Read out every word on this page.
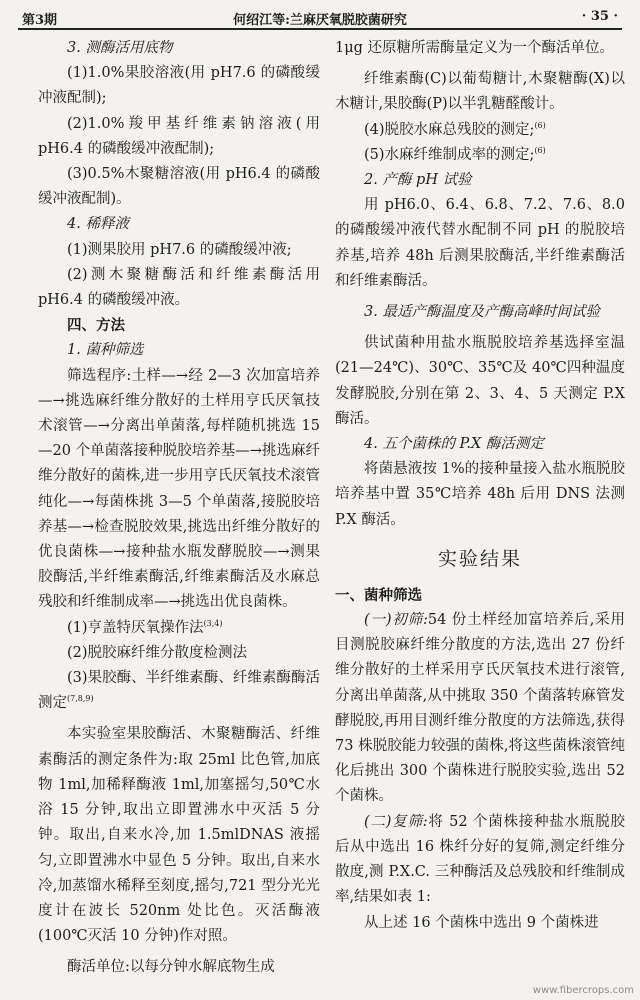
第3期	何绍江等:兰麻厌氧脱胶菌研究	· 35 ·

3. 测酶活用底物

(1)1.0%果胶溶液(用 pH7.6 的磷酸缓冲液配制);

(2)1.0%羧甲基纤维素钠溶液(用 pH6.4 的磷酸缓冲液配制);

(3)0.5%木聚糖溶液(用 pH6.4 的磷酸缓冲液配制)。

4. 稀释液

(1)测果胶用 pH7.6 的磷酸缓冲液;

(2)测木聚糖酶活和纤维素酶活用 pH6.4 的磷酸缓冲液。

四、方法

1. 菌种筛选

筛选程序:土样—→经 2—3 次加富培养—→挑选麻纤维分散好的土样用亨氏厌氧技术滚管—→分离出单菌落,每样随机挑选 15—20 个单菌落接种脱胶培养基—→挑选麻纤维分散好的菌株,进一步用亨氏厌氧技术滚管纯化—→每菌株挑 3—5 个单菌落,接脱胶培养基—→检查脱胶效果,挑选出纤维分散好的优良菌株—→接种盐水瓶发酵脱胶—→测果胶酶活,半纤维素酶活,纤维素酶活及水麻总残胶和纤维制成率—→挑选出优良菌株。

(1)亨盖特厌氧操作法$^{(3,4)}$

(2)脱胶麻纤维分散度检测法

(3)果胶酶、半纤维素酶、纤维素酶酶活测定$^{(7,8,9)}$

本实验室果胶酶活、木聚糖酶活、纤维素酶活的测定条件为:取 25ml 比色管,加底物 1ml,加稀释酶液 1ml,加塞摇匀,50℃水浴 15 分钟,取出立即置沸水中灭活 5 分钟。取出,自来水冷,加 1.5mlDNAS 液摇匀,立即置沸水中显色 5 分钟。取出,自来水冷,加蒸馏水稀释至刻度,摇匀,721 型分光光度计在波长 520nm 处比色。灭活酶液(100℃灭活 10 分钟)作对照。

酶活单位:以每分钟水解底物生成

1μg 还原糖所需酶量定义为一个酶活单位。

纤维素酶(C)以葡萄糖计,木聚糖酶(X)以木糖计,果胶酶(P)以半乳糖醛酸计。

(4)脱胶水麻总残胶的测定;$^{(6)}$

(5)水麻纤维制成率的测定;$^{(6)}$

2. 产酶 pH 试验

用 pH6.0、6.4、6.8、7.2、7.6、8.0 的磷酸缓冲液代替水配制不同 pH 的脱胶培养基,培养 48h 后测果胶酶活,半纤维素酶活和纤维素酶活。

3. 最适产酶温度及产酶高峰时间试验

供试菌种用盐水瓶脱胶培养基选择室温(21—24℃)、30℃、35℃及 40℃四种温度发酵脱胶,分别在第 2、3、4、5 天测定 P.X 酶活。

4. 五个菌株的 P.X 酶活测定

将菌悬液按 1%的接种量接入盐水瓶脱胶培养基中置 35℃培养 48h 后用 DNS 法测 P.X 酶活。

实验结果

一、菌种筛选

(一)初筛:54 份土样经加富培养后,采用目测脱胶麻纤维分散度的方法,选出 27 份纤维分散好的土样采用亨氏厌氧技术进行滚管,分离出单菌落,从中挑取 350 个菌落转麻管发酵脱胶,再用目测纤维分散度的方法筛选,获得 73 株脱胶能力较强的菌株,将这些菌株滚管纯化后挑出 300 个菌株进行脱胶实验,选出 52 个菌株。

(二)复筛:将 52 个菌株接种盐水瓶脱胶后从中选出 16 株纤分好的复筛,测定纤维分散度,测 P.X.C. 三种酶活及总残胶和纤维制成率,结果如表 1:

从上述 16 个菌株中选出 9 个菌株进

www.fibercrops.com
